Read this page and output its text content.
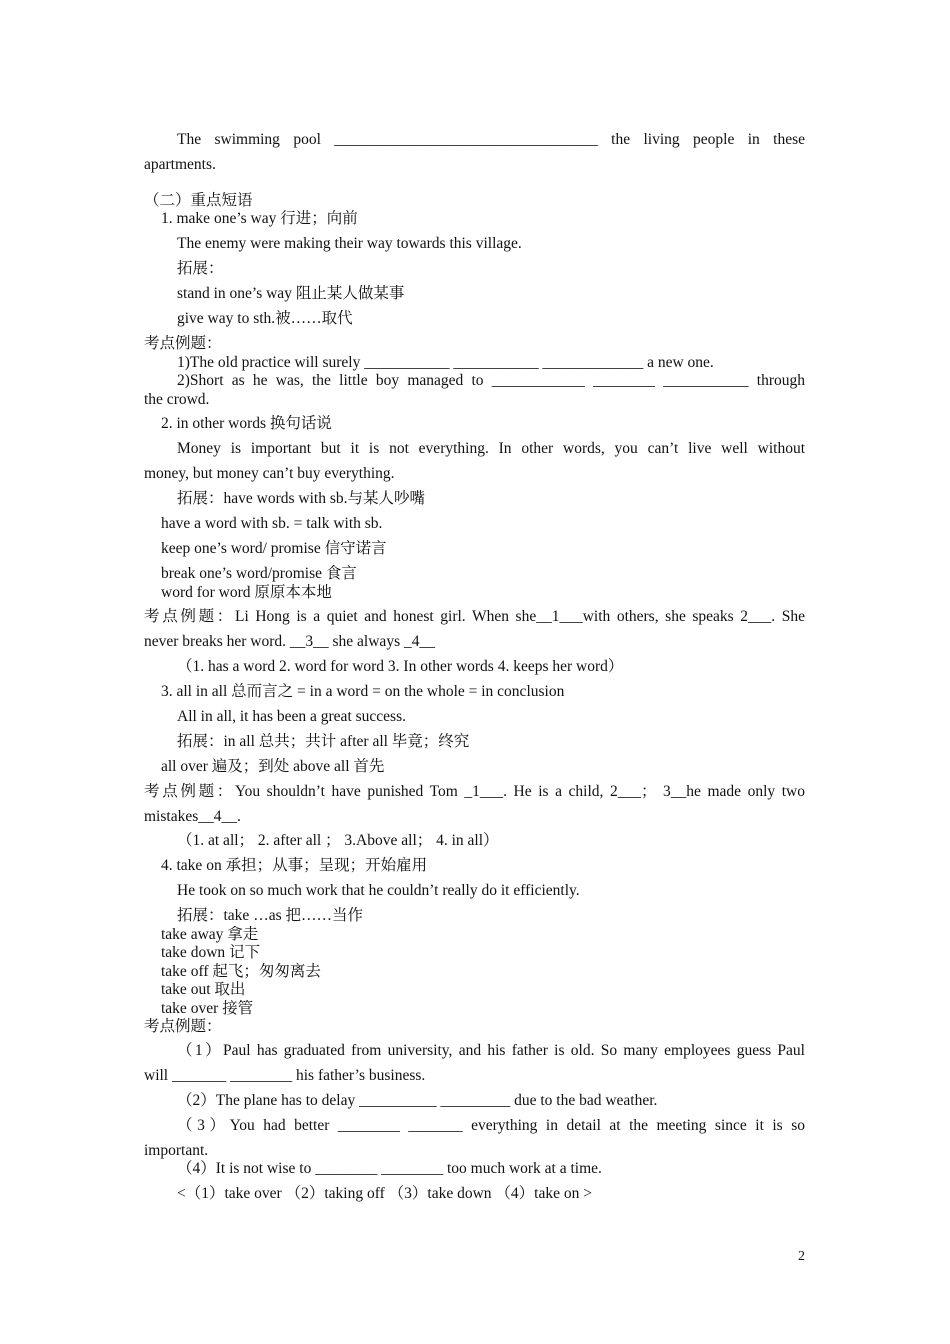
The swimming pool __________________________________ the living people in these
apartments.
（二）重点短语
1. make one’s way 行进；向前
The enemy were making their way towards this village.
拓展：
stand in one’s way 阻止某人做某事
give way to sth.被……取代
考点例题：
1)The old practice will surely ___________ ___________ _____________ a new one.
2)Short as he was, the little boy managed to ____________ ________ ___________ through
the crowd.
2. in other words 换句话说
Money is important but it is not everything. In other words, you can’t live well without
money, but money can’t buy everything.
拓展：have words with sb.与某人吵嘴
have a word with sb. = talk with sb.
keep one’s word/ promise 信守诺言
break one’s word/promise 食言
word for word 原原本本地
考点例题：Li Hong is a quiet and honest girl. When she__1___with others, she speaks 2___. She
never breaks her word. __3__ she always _4__
（1. has a word 2. word for word 3. In other words 4. keeps her word）
3. all in all 总而言之 = in a word = on the whole = in conclusion
All in all, it has been a great success.
拓展：in all 总共；共计 after all 毕竟；终究
all over 遍及；到处 above all 首先
考点例题：You shouldn’t have punished Tom _1___. He is a child, 2___； 3__he made only two
mistakes__4__.
（1. at all； 2. after all ； 3.Above all； 4. in all）
4. take on 承担；从事；呈现；开始雇用
He took on so much work that he couldn’t really do it efficiently.
拓展：take …as 把……当作
take away 拿走
take down 记下
take off 起飞；匆匆离去
take out 取出
take over 接管
考点例题：
（1）Paul has graduated from university, and his father is old. So many employees guess Paul
will _______ ________ his father’s business.
（2）The plane has to delay __________ _________ due to the bad weather.
（3）You had better ________ _______ everything in detail at the meeting since it is so
important.
（4）It is not wise to ________ ________ too much work at a time.
<（1）take over （2）taking off （3）take down （4）take on >
2
